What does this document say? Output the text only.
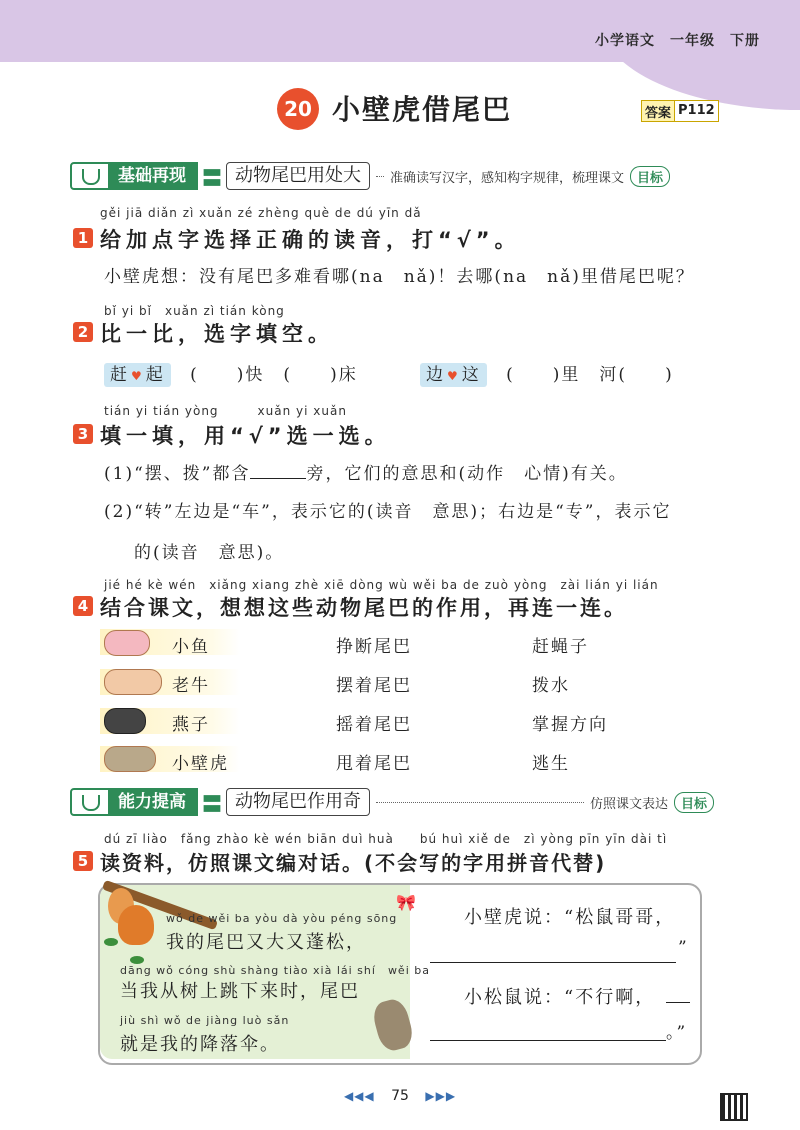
小学语文　一年级　下册
20 小壁虎借尾巴	答案 P112
基础再现 〓 动物尾巴用处大	准确读写汉字，感知构字规律，梳理课文	目标
gěi jiā diǎn zì xuǎn zé zhèng què de dú yīn dǎ
1 给加点字选择正确的读音，打“√”。
小壁虎想：没有尾巴多难看哪(na　nǎ)！去哪(na　nǎ)里借尾巴呢？
bǐ yi bǐ　xuǎn zì tián kòng
2 比一比，选字填空。
赶 ♥ 起 (　　)快　(　　)床	边 ♥ 这 (　　)里　河(　　)
tián yi tián yòng　　　xuǎn yi xuǎn
3 填一填，用“√”选一选。
(1)“摆、拨”都含	旁，它们的意思和(动作　心情)有关。
(2)“转”左边是“车”，表示它的(读音　意思)；右边是“专”，表示它
的(读音　意思)。
jié hé kè wén　xiǎng xiang zhè xiē dòng wù wěi ba de zuò yòng　zài lián yi lián
4 结合课文，想想这些动物尾巴的作用，再连一连。
小鱼	挣断尾巴	赶蝇子
老牛	摆着尾巴	拨水
燕子	摇着尾巴	掌握方向
小壁虎	甩着尾巴	逃生
能力提高 〓 动物尾巴作用奇	仿照课文表达	目标
dú zī liào　fǎng zhào kè wén biān duì huà　　bú huì xiě de　zì yòng pīn yīn dài tì
5 读资料，仿照课文编对话。(不会写的字用拼音代替)
🎀
wǒ de wěi ba yòu dà yòu péng sōng
我的尾巴又大又蓬松，
dāng wǒ cóng shù shàng tiào xià lái shí　wěi ba
当我从树上跳下来时，尾巴
jiù shì wǒ de jiàng luò sǎn
就是我的降落伞。
小壁虎说：“松鼠哥哥，
”
小松鼠说：“不行啊，
。”
◀◀◀ 75 ▶▶▶
